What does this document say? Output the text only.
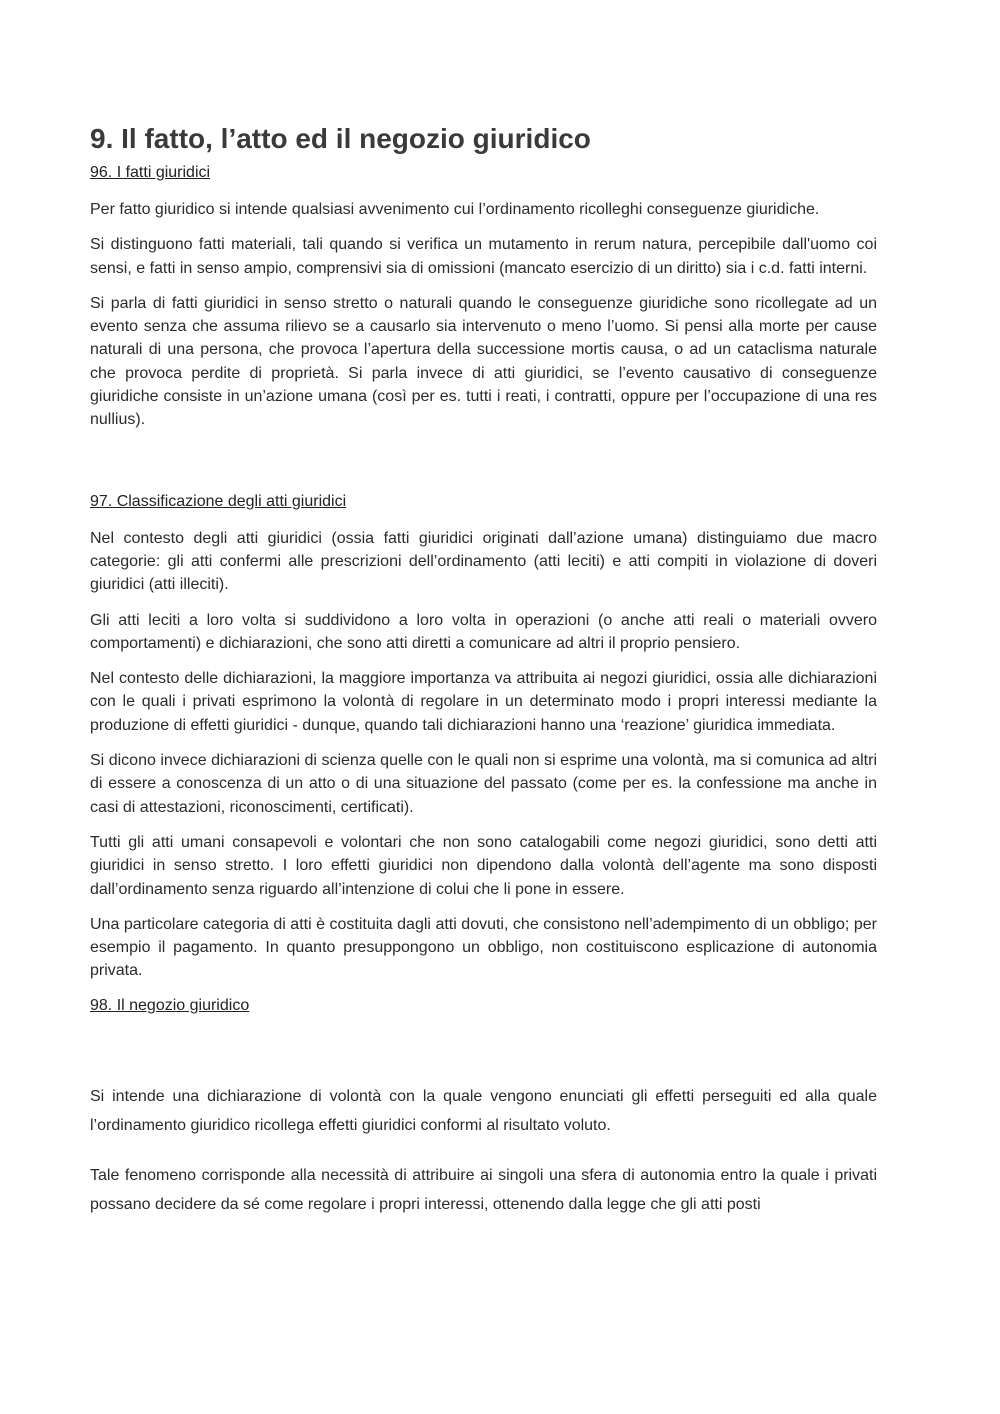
9. Il fatto, l’atto ed il negozio giuridico
96. I fatti giuridici

Per fatto giuridico si intende qualsiasi avvenimento cui l’ordinamento ricolleghi conseguenze giuridiche.

Si distinguono fatti materiali, tali quando si verifica un mutamento in rerum natura, percepibile dall'uomo coi sensi, e fatti in senso ampio, comprensivi sia di omissioni (mancato esercizio di un diritto) sia i c.d. fatti interni.

Si parla di fatti giuridici in senso stretto o naturali quando le conseguenze giuridiche sono ricollegate ad un evento senza che assuma rilievo se a causarlo sia intervenuto o meno l’uomo. Si pensi alla morte per cause naturali di una persona, che provoca l’apertura della successione mortis causa, o ad un cataclisma naturale che provoca perdite di proprietà. Si parla invece di atti giuridici, se l’evento causativo di conseguenze giuridiche consiste in un’azione umana (così per es. tutti i reati, i contratti, oppure per l’occupazione di una res nullius).

97. Classificazione degli atti giuridici

Nel contesto degli atti giuridici (ossia fatti giuridici originati dall’azione umana) distinguiamo due macro categorie: gli atti confermi alle prescrizioni dell’ordinamento (atti leciti) e atti compiti in violazione di doveri giuridici (atti illeciti).

Gli atti leciti a loro volta si suddividono a loro volta in operazioni (o anche atti reali o materiali ovvero comportamenti) e dichiarazioni, che sono atti diretti a comunicare ad altri il proprio pensiero.

Nel contesto delle dichiarazioni, la maggiore importanza va attribuita ai negozi giuridici, ossia alle dichiarazioni con le quali i privati esprimono la volontà di regolare in un determinato modo i propri interessi mediante la produzione di effetti giuridici - dunque, quando tali dichiarazioni hanno una ‘reazione’ giuridica immediata.

Si dicono invece dichiarazioni di scienza quelle con le quali non si esprime una volontà, ma si comunica ad altri di essere a conoscenza di un atto o di una situazione del passato (come per es. la confessione ma anche in casi di attestazioni, riconoscimenti, certificati).

Tutti gli atti umani consapevoli e volontari che non sono catalogabili come negozi giuridici, sono detti atti giuridici in senso stretto. I loro effetti giuridici non dipendono dalla volontà dell’agente ma sono disposti dall’ordinamento senza riguardo all’intenzione di colui che li pone in essere.

Una particolare categoria di atti è costituita dagli atti dovuti, che consistono nell’adempimento di un obbligo; per esempio il pagamento. In quanto presuppongono un obbligo, non costituiscono esplicazione di autonomia privata.

98. Il negozio giuridico

Si intende una dichiarazione di volontà con la quale vengono enunciati gli effetti perseguiti ed alla quale l’ordinamento giuridico ricollega effetti giuridici conformi al risultato voluto.

Tale fenomeno corrisponde alla necessità di attribuire ai singoli una sfera di autonomia entro la quale i privati possano decidere da sé come regolare i propri interessi, ottenendo dalla legge che gli atti posti
